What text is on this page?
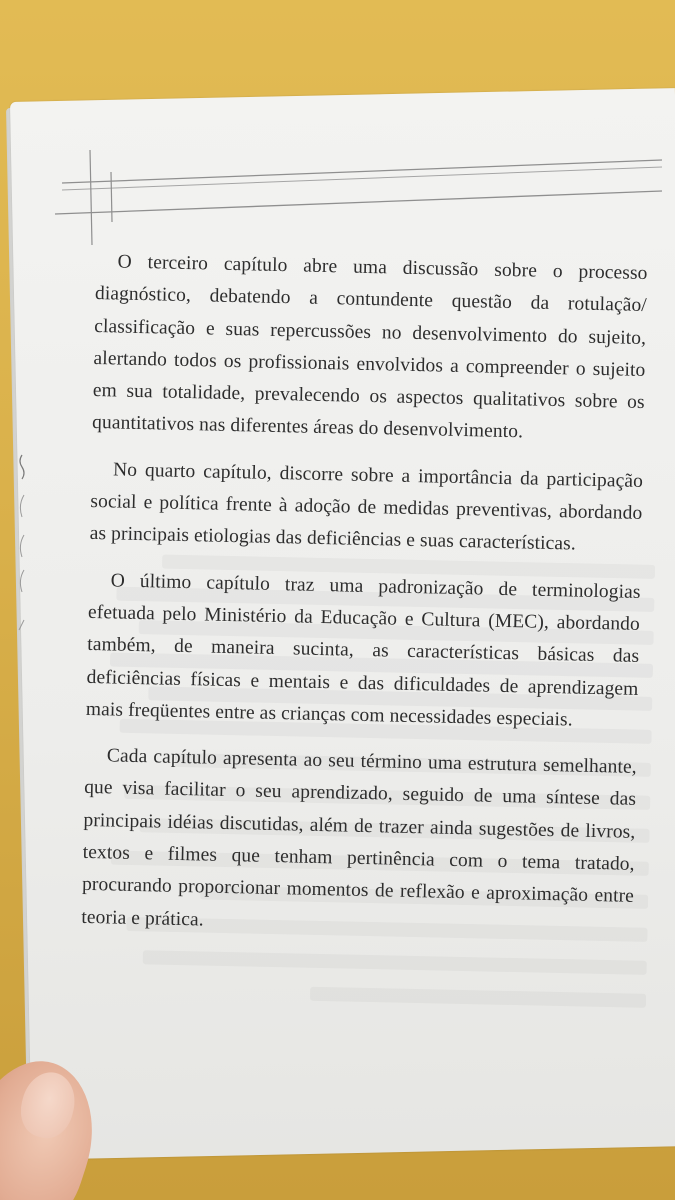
O terceiro capítulo abre uma discussão sobre o processo diagnóstico, debatendo a contundente questão da rotulação/ classificação e suas repercussões no desenvolvimento do sujeito, alertando todos os profissionais envolvidos a compreender o sujeito em sua totalidade, prevalecendo os aspectos qualitativos sobre os quantitativos nas diferentes áreas do desenvolvimento.

No quarto capítulo, discorre sobre a importância da participação social e política frente à adoção de medidas preventivas, abordando as principais etiologias das deficiências e suas características.

O último capítulo traz uma padronização de terminologias efetuada pelo Ministério da Educação e Cultura (MEC), abordando também, de maneira sucinta, as características básicas das deficiências físicas e mentais e das dificuldades de aprendizagem mais freqüentes entre as crianças com necessidades especiais.

Cada capítulo apresenta ao seu término uma estrutura semelhante, que visa facilitar o seu aprendizado, seguido de uma síntese das principais idéias discutidas, além de trazer ainda sugestões de livros, textos e filmes que tenham pertinência com o tema tratado, procurando proporcionar momentos de reflexão e aproximação entre teoria e prática.
